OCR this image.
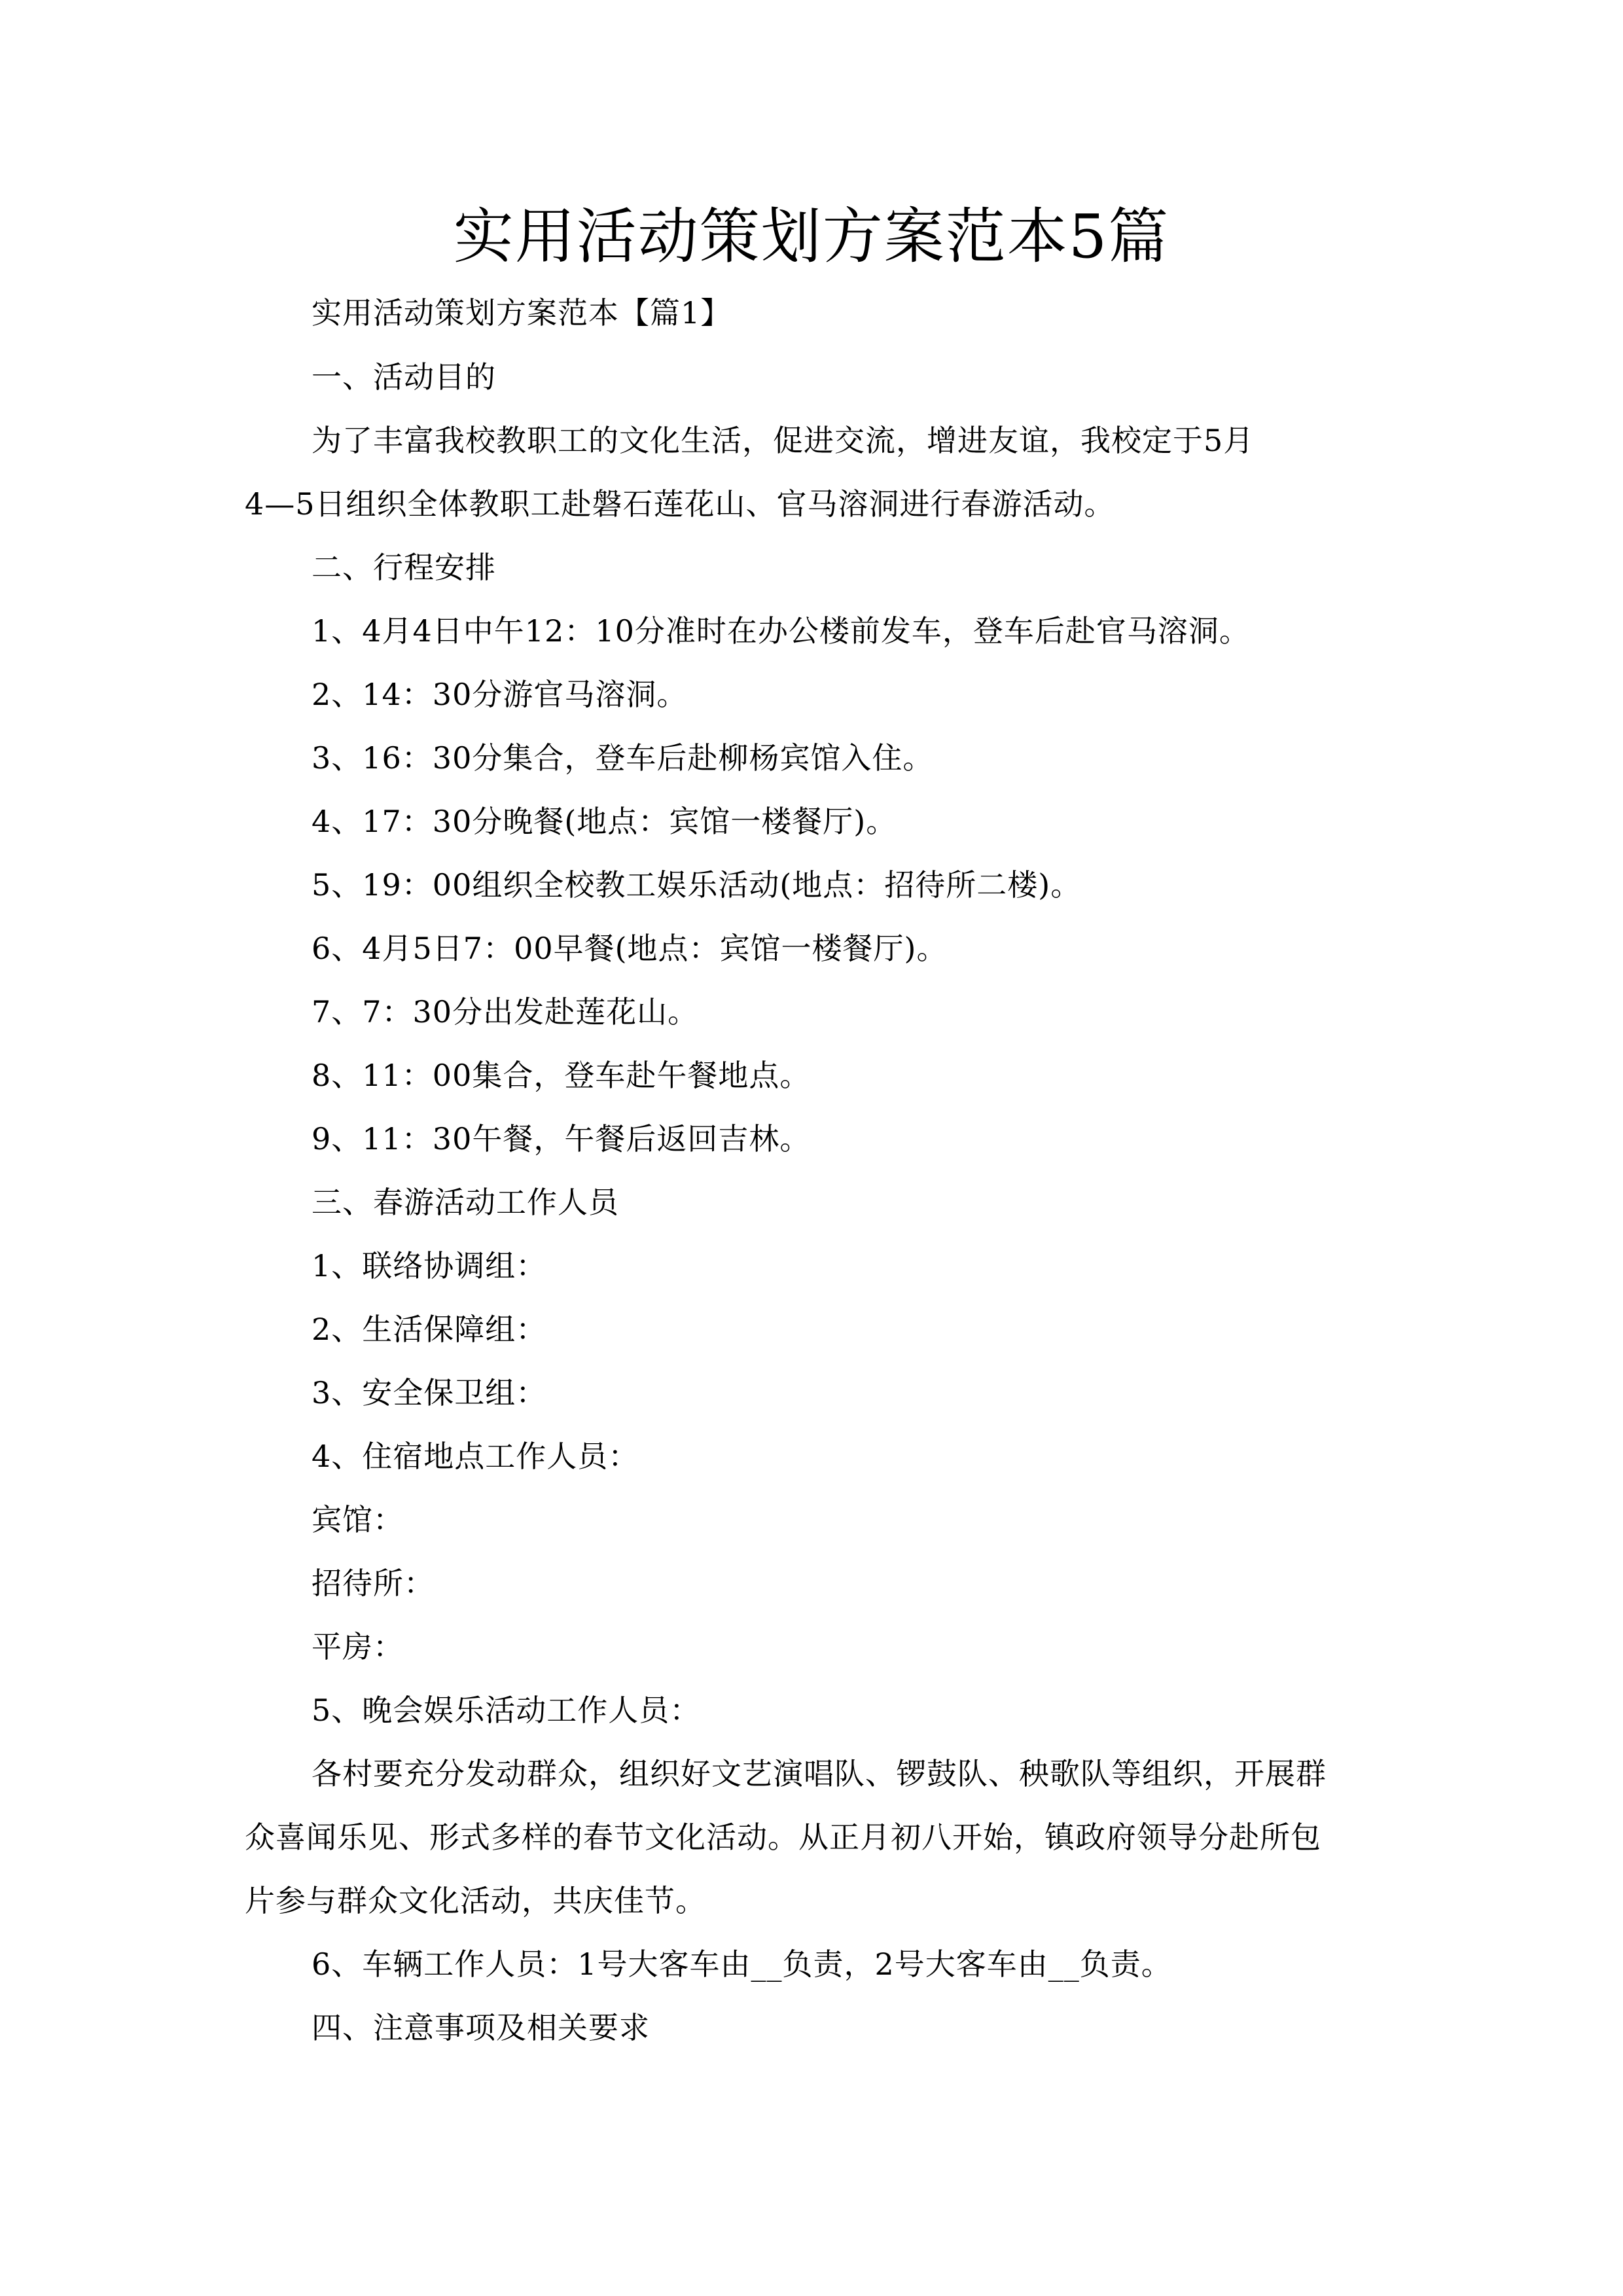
实用活动策划方案范本5篇
实用活动策划方案范本【篇1】
一、活动目的
为了丰富我校教职工的文化生活，促进交流，增进友谊，我校定于5月
4—5日组织全体教职工赴磐石莲花山、官马溶洞进行春游活动。
二、行程安排
1、4月4日中午12：10分准时在办公楼前发车，登车后赴官马溶洞。
2、14：30分游官马溶洞。
3、16：30分集合，登车后赴柳杨宾馆入住。
4、17：30分晚餐(地点：宾馆一楼餐厅)。
5、19：00组织全校教工娱乐活动(地点：招待所二楼)。
6、4月5日7：00早餐(地点：宾馆一楼餐厅)。
7、7：30分出发赴莲花山。
8、11：00集合，登车赴午餐地点。
9、11：30午餐，午餐后返回吉林。
三、春游活动工作人员
1、联络协调组：
2、生活保障组：
3、安全保卫组：
4、住宿地点工作人员：
宾馆：
招待所：
平房：
5、晚会娱乐活动工作人员：
各村要充分发动群众，组织好文艺演唱队、锣鼓队、秧歌队等组织，开展群
众喜闻乐见、形式多样的春节文化活动。从正月初八开始，镇政府领导分赴所包
片参与群众文化活动，共庆佳节。
6、车辆工作人员：1号大客车由__负责，2号大客车由__负责。
四、注意事项及相关要求
